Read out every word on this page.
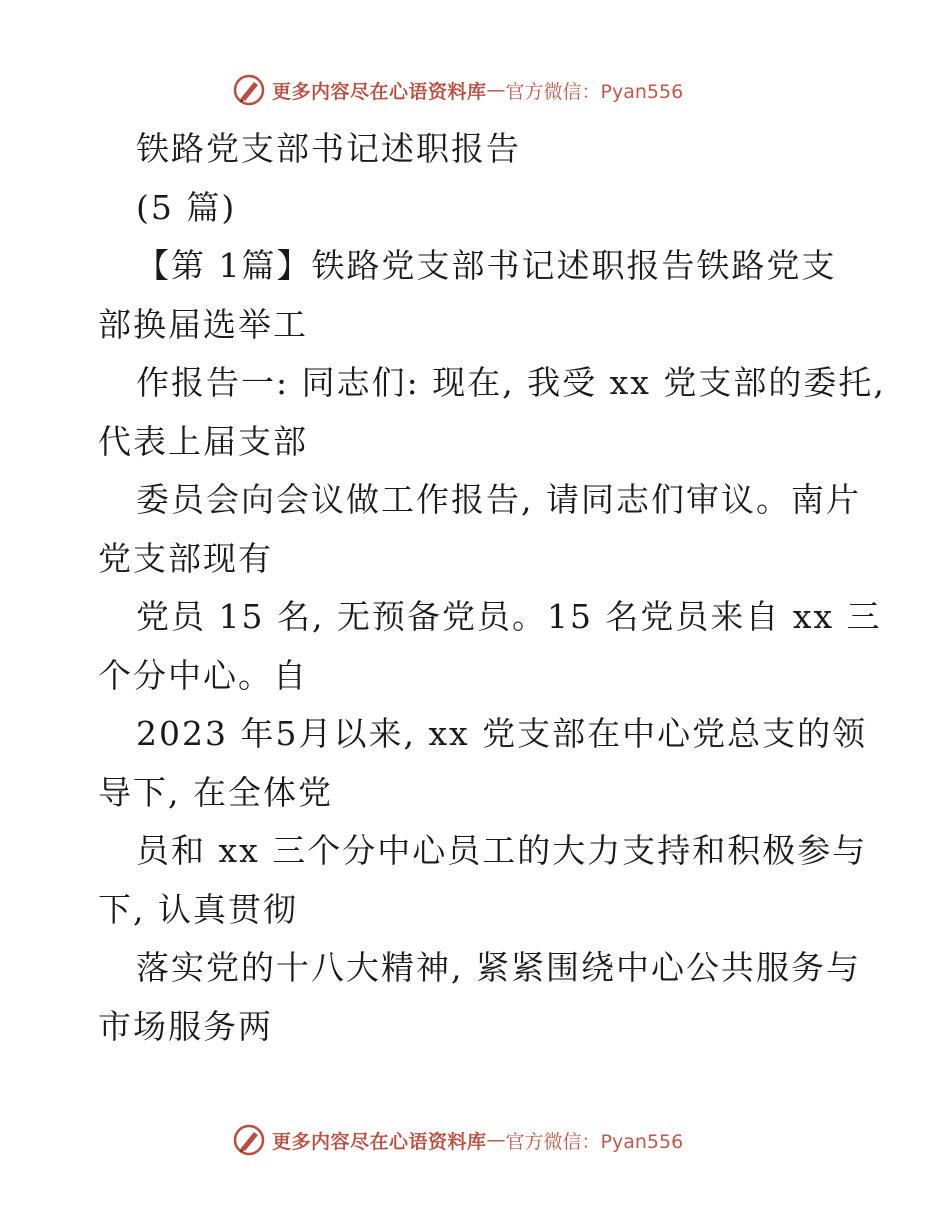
更多内容尽在心语资料库 — 官方微信：Pyan556
铁路党支部书记述职报告
(5 篇)
【第 1篇】铁路党支部书记述职报告铁路党支
部换届选举工
作报告一: 同志们: 现在, 我受 xx 党支部的委托,
代表上届支部
委员会向会议做工作报告, 请同志们审议。南片
党支部现有
党员 15 名, 无预备党员。15 名党员来自 xx 三
个分中心。自
2023 年5月以来, xx 党支部在中心党总支的领
导下, 在全体党
员和 xx 三个分中心员工的大力支持和积极参与
下, 认真贯彻
落实党的十八大精神, 紧紧围绕中心公共服务与
市场服务两
更多内容尽在心语资料库 — 官方微信：Pyan556
